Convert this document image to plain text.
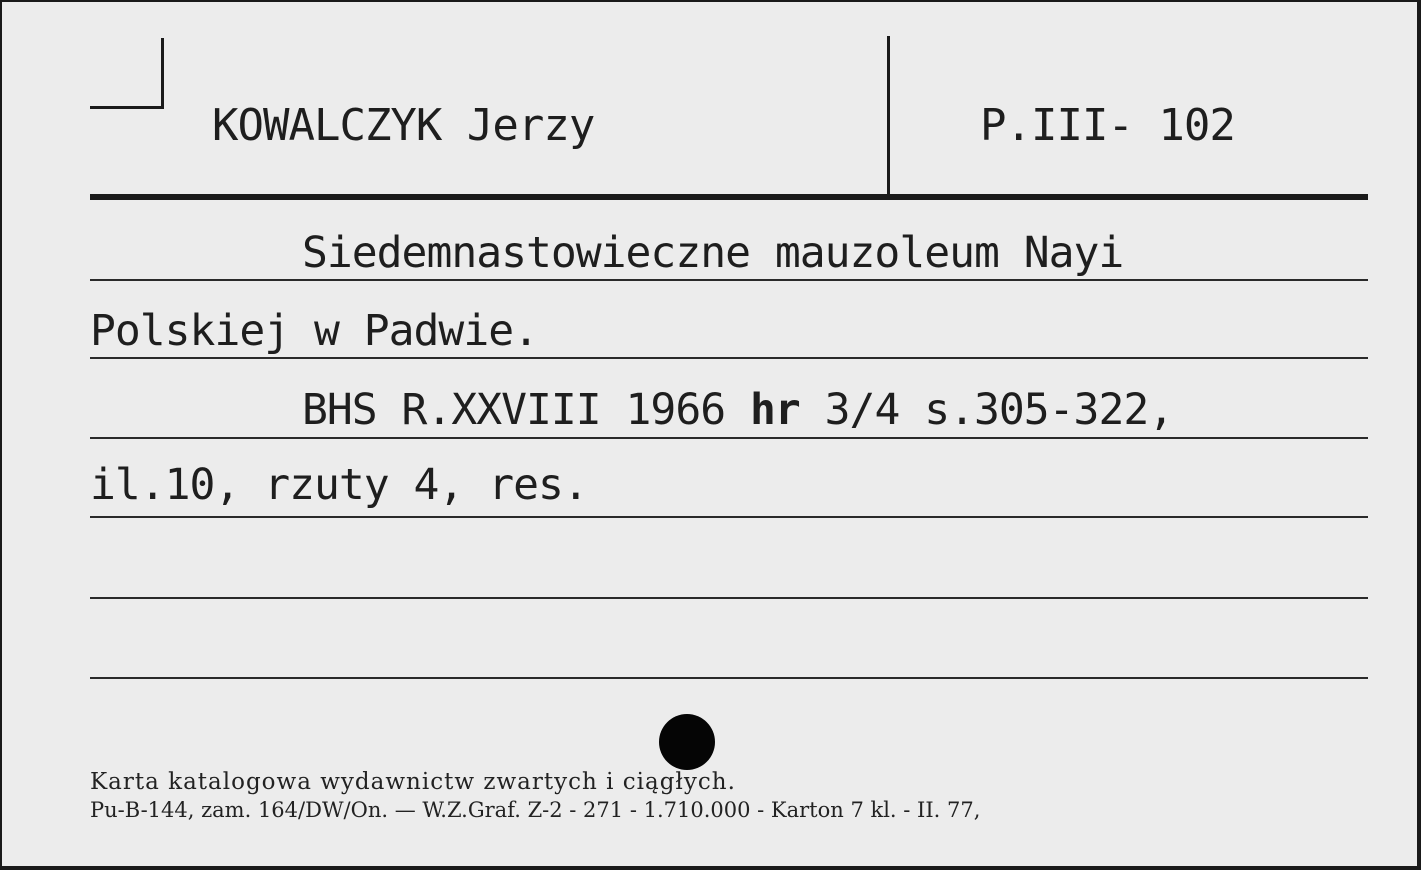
KOWALCZYK Jerzy	P.III- 102
Siedemnastowieczne mauzoleum Nayi
Polskiej w Padwie.
BHS R.XXVIII 1966 hr 3/4 s.305-322,
il.10, rzuty 4, res.
Karta katalogowa wydawnictw zwartych i ciągłych.
Pu-B-144, zam. 164/DW/On. — W.Z.Graf. Z-2 - 271 - 1.710.000 - Karton 7 kl. - II. 77,
